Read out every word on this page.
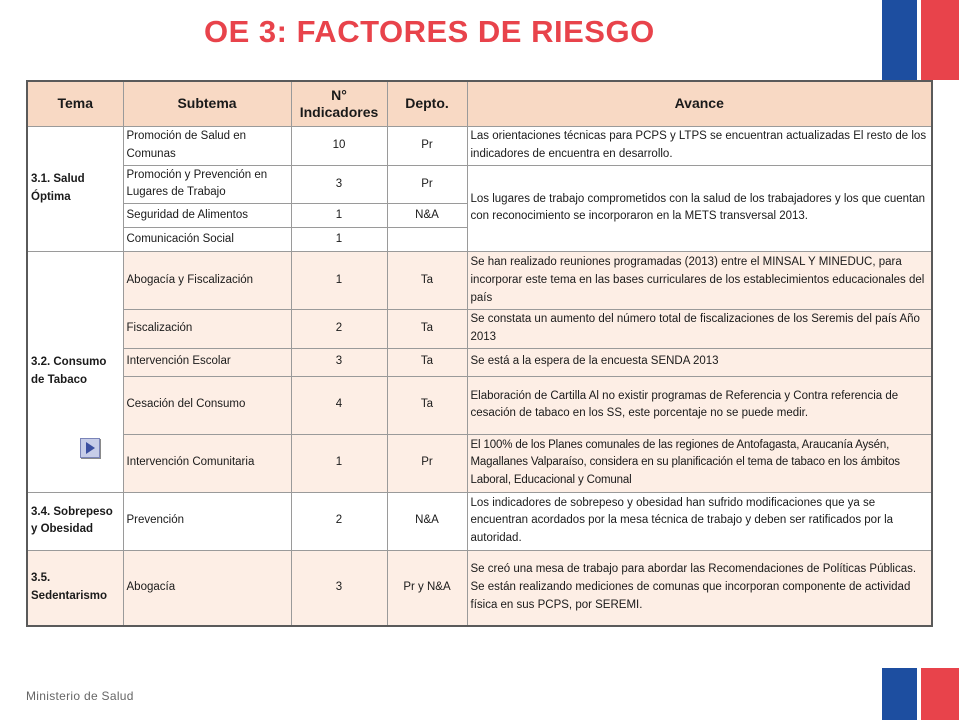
OE 3: FACTORES DE RIESGO
Tema	Subtema	N° Indicadores	Depto.	Avance
3.1. Salud Óptima	Promoción de Salud en Comunas	10	Pr	Las orientaciones técnicas para PCPS y LTPS se encuentran actualizadas El resto de los indicadores de encuentra en desarrollo.
	Promoción y Prevención en Lugares de Trabajo	3	Pr	Los lugares de trabajo comprometidos con la salud de los trabajadores y los que cuentan con reconocimiento se incorporaron en la METS transversal 2013.
	Seguridad de Alimentos	1	N&A	
	Comunicación Social	1		
3.2. Consumo de Tabaco	Abogacía y Fiscalización	1	Ta	Se han realizado reuniones programadas (2013) entre el MINSAL Y MINEDUC, para incorporar este tema en las bases curriculares de los establecimientos educacionales del país
	Fiscalización	2	Ta	Se constata un aumento del número total de fiscalizaciones de los Seremis del país Año 2013
	Intervención Escolar	3	Ta	Se está a la espera de la encuesta SENDA 2013
	Cesación del Consumo	4	Ta	Elaboración de Cartilla Al no existir programas de Referencia y Contra referencia de cesación de tabaco en los SS, este porcentaje no se puede medir.
	Intervención Comunitaria	1	Pr	El 100% de los Planes comunales de las regiones de Antofagasta, Araucanía Aysén, Magallanes Valparaíso, considera en su planificación el tema de tabaco en los ámbitos Laboral, Educacional y Comunal
3.4. Sobrepeso y Obesidad	Prevención	2	N&A	Los indicadores de sobrepeso y obesidad han sufrido modificaciones que ya se encuentran acordados por la mesa técnica de trabajo y deben ser ratificados por la autoridad.
3.5. Sedentarismo	Abogacía	3	Pr y N&A	Se creó una mesa de trabajo para abordar las Recomendaciones de Políticas Públicas. Se están realizando mediciones de comunas que incorporan componente de actividad física en sus PCPS, por SEREMI.
Ministerio de Salud
